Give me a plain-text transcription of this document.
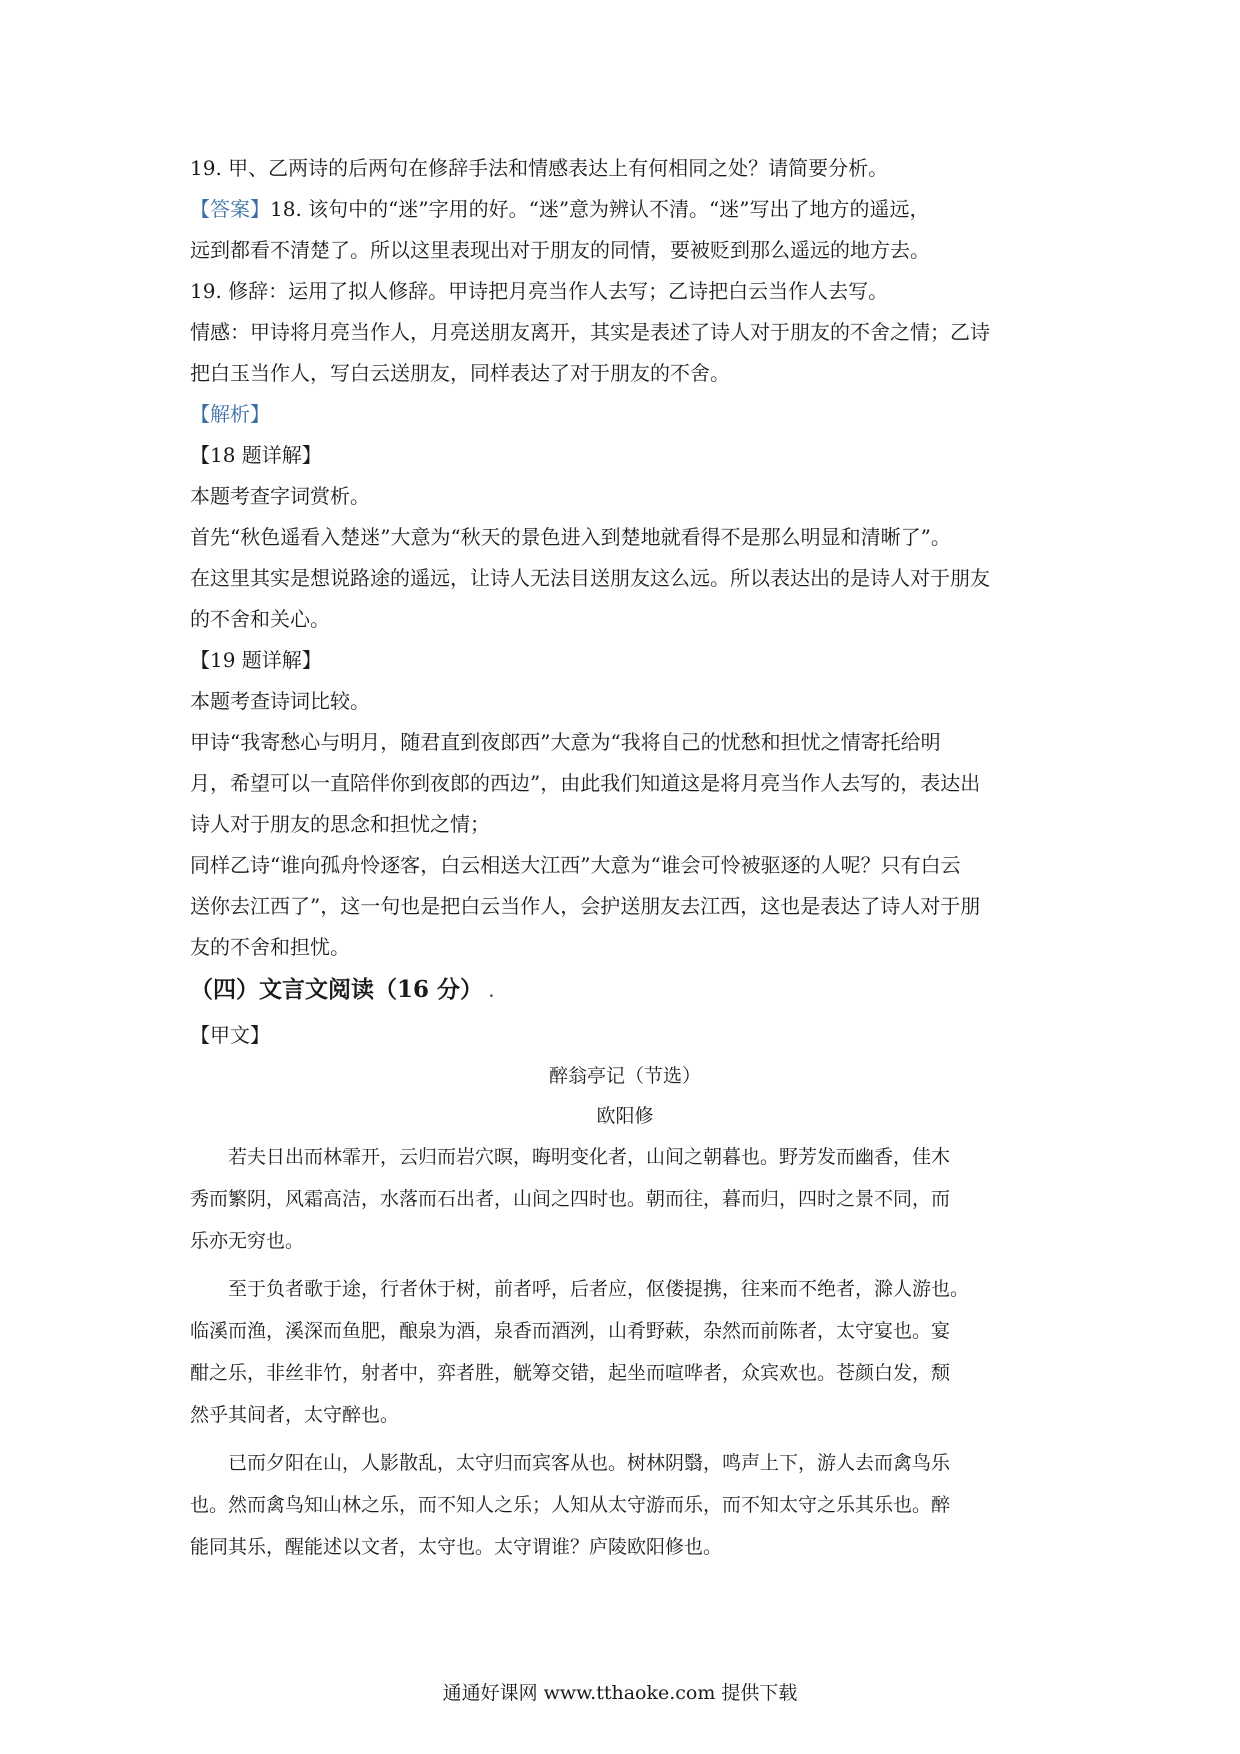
19. 甲、乙两诗的后两句在修辞手法和情感表达上有何相同之处？请简要分析。

【答案】18. 该句中的“迷”字用的好。“迷”意为辨认不清。“迷”写出了地方的遥远，

远到都看不清楚了。所以这里表现出对于朋友的同情，要被贬到那么遥远的地方去。

19. 修辞：运用了拟人修辞。甲诗把月亮当作人去写；乙诗把白云当作人去写。

情感：甲诗将月亮当作人，月亮送朋友离开，其实是表述了诗人对于朋友的不舍之情；乙诗

把白玉当作人，写白云送朋友，同样表达了对于朋友的不舍。

【解析】

【18 题详解】

本题考查字词赏析。

首先“秋色遥看入楚迷”大意为“秋天的景色进入到楚地就看得不是那么明显和清晰了”。

在这里其实是想说路途的遥远，让诗人无法目送朋友这么远。所以表达出的是诗人对于朋友

的不舍和关心。

【19 题详解】

本题考查诗词比较。

甲诗“我寄愁心与明月，随君直到夜郎西”大意为“我将自己的忧愁和担忧之情寄托给明

月，希望可以一直陪伴你到夜郎的西边”，由此我们知道这是将月亮当作人去写的，表达出

诗人对于朋友的思念和担忧之情；

同样乙诗“谁向孤舟怜逐客，白云相送大江西”大意为“谁会可怜被驱逐的人呢？只有白云

送你去江西了”，这一句也是把白云当作人，会护送朋友去江西，这也是表达了诗人对于朋

友的不舍和担忧。

（四）文言文阅读（16 分） .

【甲文】

醉翁亭记（节选）
欧阳修

若夫日出而林霏开，云归而岩穴暝，晦明变化者，山间之朝暮也。野芳发而幽香，佳木

秀而繁阴，风霜高洁，水落而石出者，山间之四时也。朝而往，暮而归，四时之景不同，而

乐亦无穷也。

至于负者歌于途，行者休于树，前者呼，后者应，伛偻提携，往来而不绝者，滁人游也。

临溪而渔，溪深而鱼肥，酿泉为酒，泉香而酒洌，山肴野蔌，杂然而前陈者，太守宴也。宴

酣之乐，非丝非竹，射者中，弈者胜，觥筹交错，起坐而喧哗者，众宾欢也。苍颜白发，颓

然乎其间者，太守醉也。

已而夕阳在山，人影散乱，太守归而宾客从也。树林阴翳，鸣声上下，游人去而禽鸟乐

也。然而禽鸟知山林之乐，而不知人之乐；人知从太守游而乐，而不知太守之乐其乐也。醉

能同其乐，醒能述以文者，太守也。太守谓谁？庐陵欧阳修也。

通通好课网 www.tthaoke.com 提供下载
